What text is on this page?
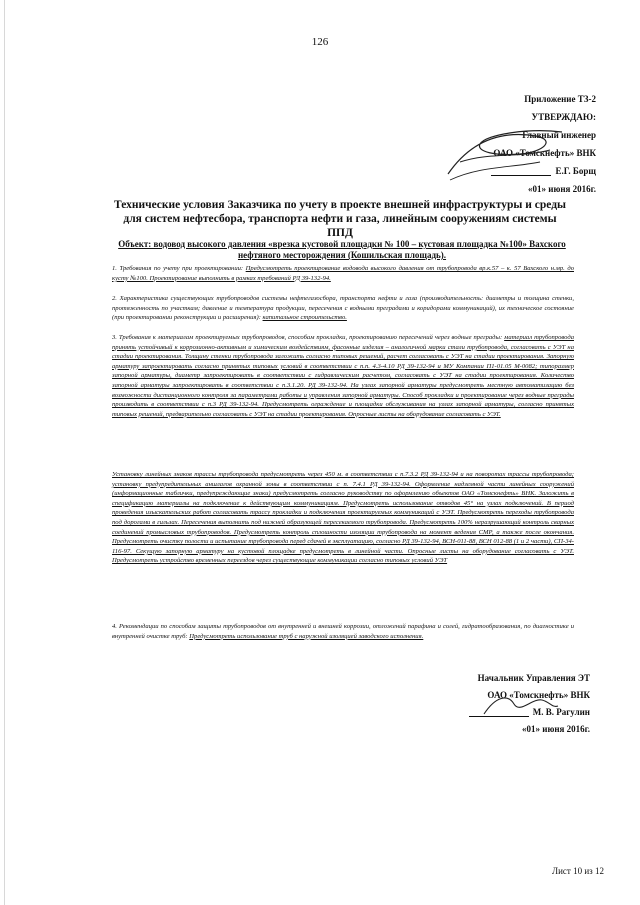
126
Приложение ТЗ-2
УТВЕРЖДАЮ:
Главный инженер
ОАО «Томскнефть» ВНК
Е.Г. Борщ
«01» июня 2016г.
Технические условия Заказчика по учету в проекте внешней инфраструктуры и среды для систем нефтесбора, транспорта нефти и газа, линейным сооружениям системы ППД
Объект: водовод высокого давления «врезка кустовой площадки № 100 – кустовая площадка №100» Вахского нефтяного месторождения (Кошильская площадь).

1. Требования по учету при проектировании: Предусмотреть проектирование водовода высокого давления от трубопровода вр.к.57 – к. 57 Вахского н.мр. до кусту №100. Проектирование выполнить в рамках требований РД 39-132-94.

2. Характеристика существующих трубопроводов системы нефтегазосбора, транспорта нефти и газа (производительность: диаметры и толщина стенки, протяженность по участкам; давление и температура продукции, пересечения с водными преградами и коридорами коммуникаций), их техническое состояние (при проектировании реконструкции и расширения): капитальное строительство.

3. Требования к материалам проектируемых трубопроводов, способам прокладки, проектированию пересечений через водные преграды: материал трубопровода принять устойчивый к коррозионно-активным и химическим воздействиям, фасонные изделия – аналогичной марки стали трубопровода, согласовать с УЭТ на стадии проектирования. Толщину стенки трубопровода заложить согласно типовых решений, расчет согласовать с УЭТ на стадии проектирования. Запорную арматуру запроектировать согласно принятых типовых условий в соответствии с п.п. 4.3-4.10 РД 39-132-94 и МУ Компании П1-01.05 М-0082; типоразмер запорной арматуры, диаметр запроектировать в соответствии с гидравлическим расчетом, согласовать с УЭТ на стадии проектирования. Количество запорной арматуры запроектировать в соответствии с п.3.1.20. РД 39-132-94. На узлах запорной арматуры предусмотреть местную автоматизацию без возможности дистанционного контроля за параметрами работы и управления запорной арматуры. Способ прокладки и проектирование через водные преграды производить в соответствии с п.3 РД 39-132-94. Предусмотреть ограждение и площадки обслуживания на узлах запорной арматуры, согласно принятых типовых решений, предварительно согласовать с УЭТ на стадии проектирования. Опросные листы на оборудование согласовать с УЭТ.

Установку линейных знаков трассы трубопровода предусмотреть через 450 м. в соответствии с п.7.3.2 РД 39-132-94 и на поворотах трассы трубопровода; установку предупредительных аншлагов охранной зоны в соответствии с п. 7.4.1 РД 39-132-94. Оформление надземной части линейных сооружений (информационные таблички, предупреждающие знаки) предусмотреть согласно руководству по оформлению объектов ОАО «Томскнефть» ВНК. Заложить в спецификацию материалы на подключение к действующим коммуникациям. Предусмотреть использование отводов 45° на узлах подключений. В период проведения изыскательских работ согласовать трассу прокладки и подключения проектируемых коммуникаций с УЭТ. Предусмотреть переходы трубопровода под дорогами в гильзах. Пересечения выполнить под нижней образующей пересекаемого трубопровода. Предусмотреть 100% неразрушающий контроль сварных соединений промысловых трубопроводов. Предусмотреть контроль сплошности изоляции трубопровода на момент ведения СМР, а также после окончания. Предусмотреть очистку полости и испытание трубопровода перед сдачей в эксплуатацию, согласно РД 39-132-94, ВСН-011-88, ВСН 012-88 (1 и 2 части), СП-34-116-97. Секущую запорную арматуру на кустовой площадке предусмотреть в линейной части. Опросные листы на оборудование согласовать с УЭТ. Предусмотреть устройство временных переездов через существующие коммуникации согласно типовых условий УЭТ

4. Рекомендации по способам защиты трубопроводов от внутренней и внешней коррозии, отложений парафина и солей, гидратообразования, по диагностике и внутренней очистке труб: Предусмотреть использование труб с наружной изоляцией заводского исполнения.

Начальник Управления ЭТ
ОАО «Томскнефть» ВНК
М. В. Рагулин
«01» июня 2016г.
Лист 10 из 12
